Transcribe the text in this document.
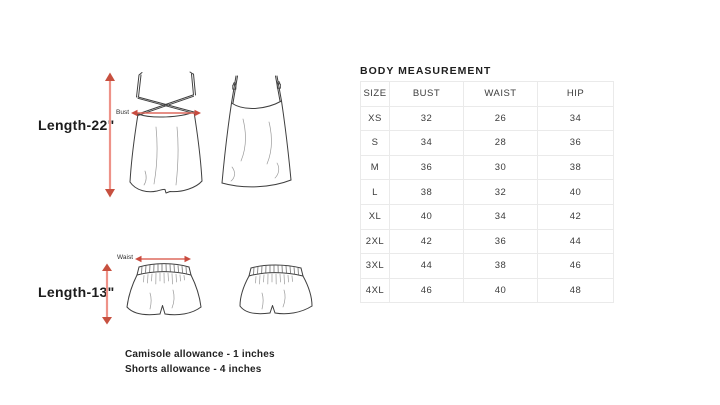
Length-22"
Bust
Length-13"
Waist
Camisole allowance - 1 inches
Shorts allowance - 4 inches
BODY MEASUREMENT
SIZE	BUST	WAIST	HIP
XS	32	26	34
S	34	28	36
M	36	30	38
L	38	32	40
XL	40	34	42
2XL	42	36	44
3XL	44	38	46
4XL	46	40	48
